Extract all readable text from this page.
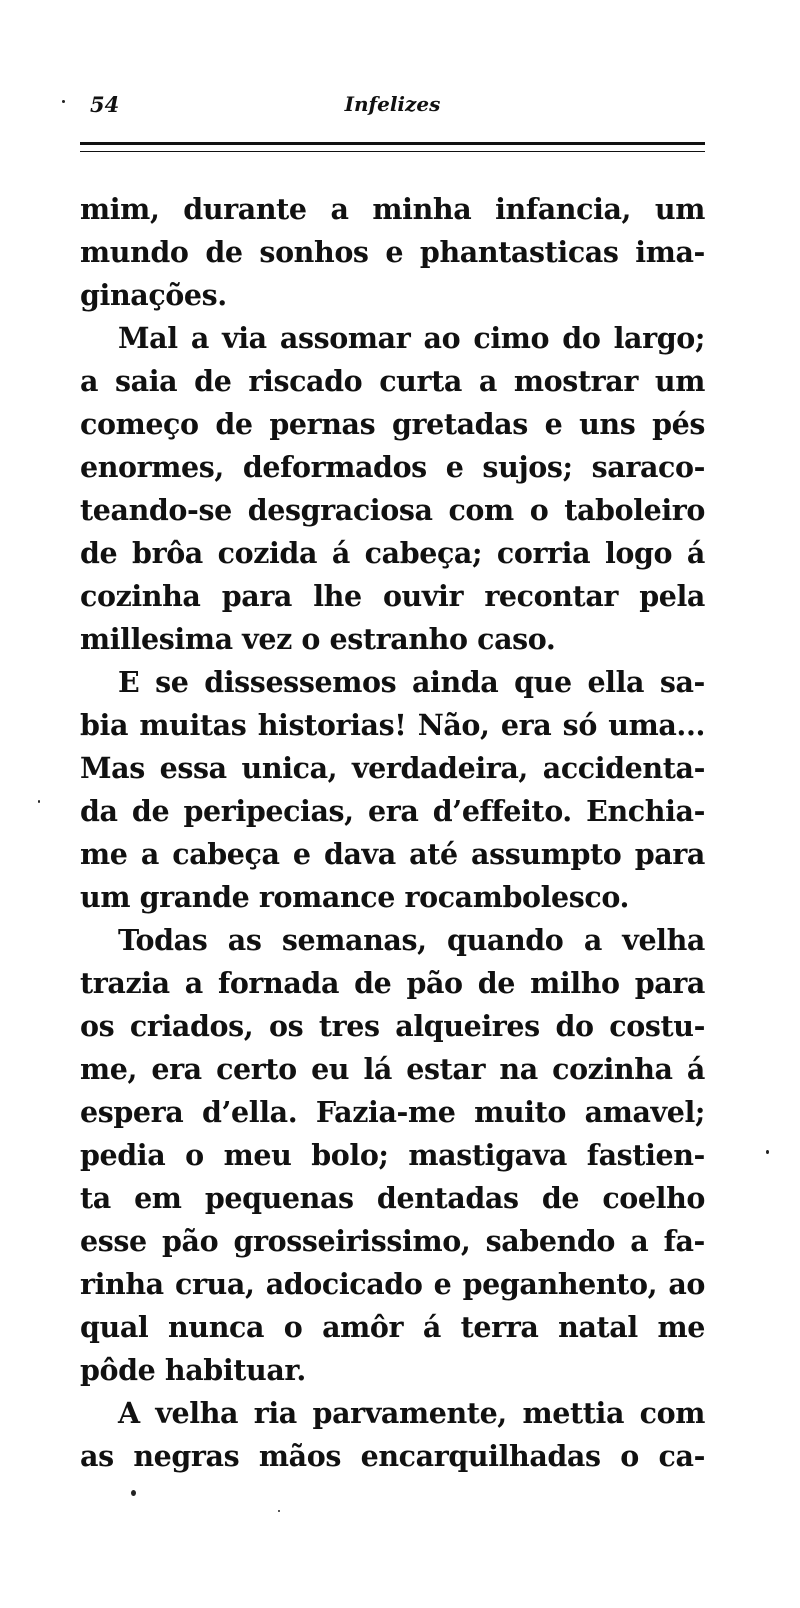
54	Infelizes
mim, durante a minha infancia, um
mundo de sonhos e phantasticas ima-
ginações.
Mal a via assomar ao cimo do largo;
a saia de riscado curta a mostrar um
começo de pernas gretadas e uns pés
enormes, deformados e sujos; saraco-
teando-se desgraciosa com o taboleiro
de brôa cozida á cabeça; corria logo á
cozinha para lhe ouvir recontar pela
millesima vez o estranho caso.
E se dissessemos ainda que ella sa-
bia muitas historias! Não, era só uma...
Mas essa unica, verdadeira, accidenta-
da de peripecias, era d’effeito. Enchia-
me a cabeça e dava até assumpto para
um grande romance rocambolesco.
Todas as semanas, quando a velha
trazia a fornada de pão de milho para
os criados, os tres alqueires do costu-
me, era certo eu lá estar na cozinha á
espera d’ella. Fazia-me muito amavel;
pedia o meu bolo; mastigava fastien-
ta em pequenas dentadas de coelho
esse pão grosseirissimo, sabendo a fa-
rinha crua, adocicado e peganhento, ao
qual nunca o amôr á terra natal me
pôde habituar.
A velha ria parvamente, mettia com
as negras mãos encarquilhadas o ca-
